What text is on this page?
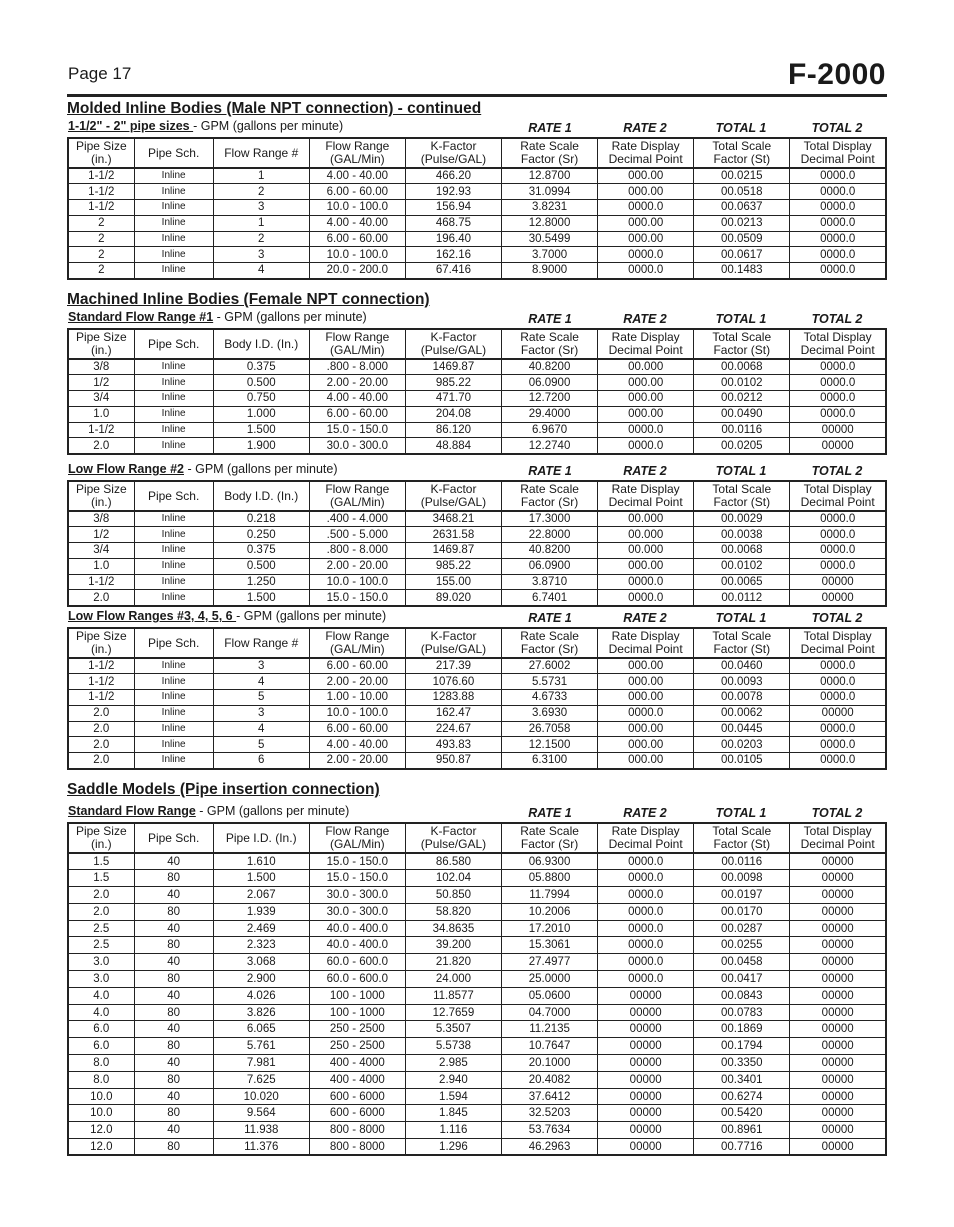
Page 17	F-2000
Molded Inline Bodies (Male NPT connection) - continued
1-1/2" - 2" pipe sizes - GPM (gallons per minute)	RATE 1	RATE 2	TOTAL 1	TOTAL 2
Pipe Size (in.)	Pipe Sch.	Flow Range #	Flow Range (GAL/Min)	K-Factor (Pulse/GAL)	Rate Scale Factor (Sr)	Rate Display Decimal Point	Total Scale Factor (St)	Total Display Decimal Point
1-1/2	Inline	1	4.00 - 40.00	466.20	12.8700	000.00	00.0215	0000.0
1-1/2	Inline	2	6.00 - 60.00	192.93	31.0994	000.00	00.0518	0000.0
1-1/2	Inline	3	10.0 - 100.0	156.94	3.8231	0000.0	00.0637	0000.0
2	Inline	1	4.00 - 40.00	468.75	12.8000	000.00	00.0213	0000.0
2	Inline	2	6.00 - 60.00	196.40	30.5499	000.00	00.0509	0000.0
2	Inline	3	10.0 - 100.0	162.16	3.7000	0000.0	00.0617	0000.0
2	Inline	4	20.0 - 200.0	67.416	8.9000	0000.0	00.1483	0000.0
Machined Inline Bodies (Female NPT connection)
Standard Flow Range #1 - GPM (gallons per minute)	RATE 1	RATE 2	TOTAL 1	TOTAL 2
Pipe Size (in.)	Pipe Sch.	Body I.D. (In.)	Flow Range (GAL/Min)	K-Factor (Pulse/GAL)	Rate Scale Factor (Sr)	Rate Display Decimal Point	Total Scale Factor (St)	Total Display Decimal Point
3/8	Inline	0.375	.800 - 8.000	1469.87	40.8200	00.000	00.0068	0000.0
1/2	Inline	0.500	2.00 - 20.00	985.22	06.0900	000.00	00.0102	0000.0
3/4	Inline	0.750	4.00 - 40.00	471.70	12.7200	000.00	00.0212	0000.0
1.0	Inline	1.000	6.00 - 60.00	204.08	29.4000	000.00	00.0490	0000.0
1-1/2	Inline	1.500	15.0 - 150.0	86.120	6.9670	0000.0	00.0116	00000
2.0	Inline	1.900	30.0 - 300.0	48.884	12.2740	0000.0	00.0205	00000
Low Flow Range #2 - GPM (gallons per minute)	RATE 1	RATE 2	TOTAL 1	TOTAL 2
Pipe Size (in.)	Pipe Sch.	Body I.D. (In.)	Flow Range (GAL/Min)	K-Factor (Pulse/GAL)	Rate Scale Factor (Sr)	Rate Display Decimal Point	Total Scale Factor (St)	Total Display Decimal Point
3/8	Inline	0.218	.400 - 4.000	3468.21	17.3000	00.000	00.0029	0000.0
1/2	Inline	0.250	.500 - 5.000	2631.58	22.8000	00.000	00.0038	0000.0
3/4	Inline	0.375	.800 - 8.000	1469.87	40.8200	00.000	00.0068	0000.0
1.0	Inline	0.500	2.00 - 20.00	985.22	06.0900	000.00	00.0102	0000.0
1-1/2	Inline	1.250	10.0 - 100.0	155.00	3.8710	0000.0	00.0065	00000
2.0	Inline	1.500	15.0 - 150.0	89.020	6.7401	0000.0	00.0112	00000
Low Flow Ranges #3, 4, 5, 6 - GPM (gallons per minute)	RATE 1	RATE 2	TOTAL 1	TOTAL 2
Pipe Size (in.)	Pipe Sch.	Flow Range #	Flow Range (GAL/Min)	K-Factor (Pulse/GAL)	Rate Scale Factor (Sr)	Rate Display Decimal Point	Total Scale Factor (St)	Total Display Decimal Point
1-1/2	Inline	3	6.00 - 60.00	217.39	27.6002	000.00	00.0460	0000.0
1-1/2	Inline	4	2.00 - 20.00	1076.60	5.5731	000.00	00.0093	0000.0
1-1/2	Inline	5	1.00 - 10.00	1283.88	4.6733	000.00	00.0078	0000.0
2.0	Inline	3	10.0 - 100.0	162.47	3.6930	0000.0	00.0062	00000
2.0	Inline	4	6.00 - 60.00	224.67	26.7058	000.00	00.0445	0000.0
2.0	Inline	5	4.00 - 40.00	493.83	12.1500	000.00	00.0203	0000.0
2.0	Inline	6	2.00 - 20.00	950.87	6.3100	000.00	00.0105	0000.0
Saddle Models (Pipe insertion connection)
Standard Flow Range - GPM (gallons per minute)	RATE 1	RATE 2	TOTAL 1	TOTAL 2
Pipe Size (in.)	Pipe Sch.	Pipe I.D. (In.)	Flow Range (GAL/Min)	K-Factor (Pulse/GAL)	Rate Scale Factor (Sr)	Rate Display Decimal Point	Total Scale Factor (St)	Total Display Decimal Point
1.5	40	1.610	15.0 - 150.0	86.580	06.9300	0000.0	00.0116	00000
1.5	80	1.500	15.0 - 150.0	102.04	05.8800	0000.0	00.0098	00000
2.0	40	2.067	30.0 - 300.0	50.850	11.7994	0000.0	00.0197	00000
2.0	80	1.939	30.0 - 300.0	58.820	10.2006	0000.0	00.0170	00000
2.5	40	2.469	40.0 - 400.0	34.8635	17.2010	0000.0	00.0287	00000
2.5	80	2.323	40.0 - 400.0	39.200	15.3061	0000.0	00.0255	00000
3.0	40	3.068	60.0 - 600.0	21.820	27.4977	0000.0	00.0458	00000
3.0	80	2.900	60.0 - 600.0	24.000	25.0000	0000.0	00.0417	00000
4.0	40	4.026	100 - 1000	11.8577	05.0600	00000	00.0843	00000
4.0	80	3.826	100 - 1000	12.7659	04.7000	00000	00.0783	00000
6.0	40	6.065	250 - 2500	5.3507	11.2135	00000	00.1869	00000
6.0	80	5.761	250 - 2500	5.5738	10.7647	00000	00.1794	00000
8.0	40	7.981	400 - 4000	2.985	20.1000	00000	00.3350	00000
8.0	80	7.625	400 - 4000	2.940	20.4082	00000	00.3401	00000
10.0	40	10.020	600 - 6000	1.594	37.6412	00000	00.6274	00000
10.0	80	9.564	600 - 6000	1.845	32.5203	00000	00.5420	00000
12.0	40	11.938	800 - 8000	1.116	53.7634	00000	00.8961	00000
12.0	80	11.376	800 - 8000	1.296	46.2963	00000	00.7716	00000
